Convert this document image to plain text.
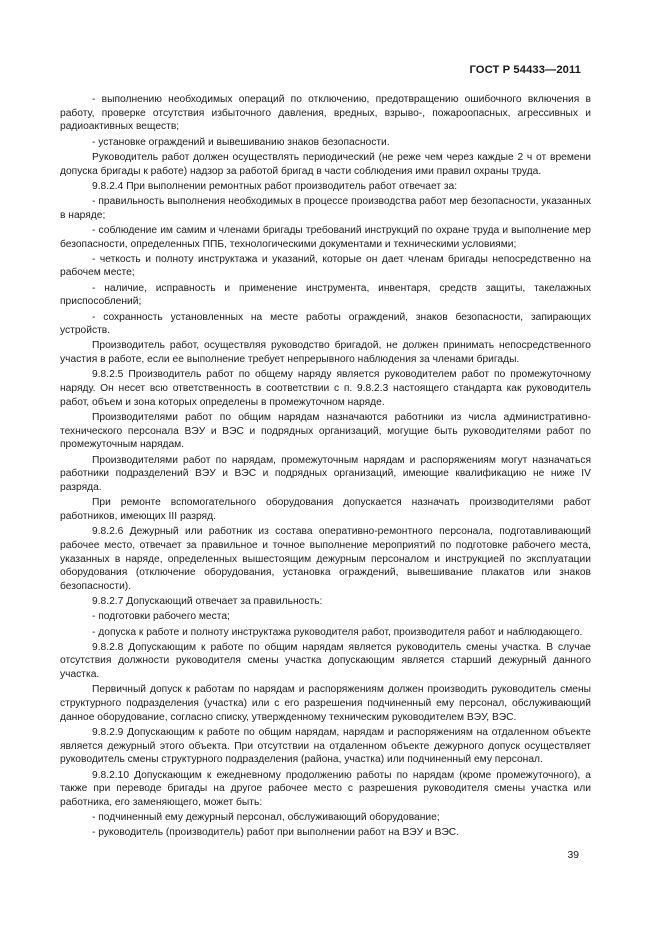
ГОСТ Р 54433—2011

- выполнению необходимых операций по отключению, предотвращению ошибочного включения в работу, проверке отсутствия избыточного давления, вредных, взрыво-, пожароопасных, агрессивных и радиоактивных веществ;

- установке ограждений и вывешиванию знаков безопасности.

Руководитель работ должен осуществлять периодический (не реже чем через каждые 2 ч от времени допуска бригады к работе) надзор за работой бригад в части соблюдения ими правил охраны труда.

9.8.2.4 При выполнении ремонтных работ производитель работ отвечает за:

- правильность выполнения необходимых в процессе производства работ мер безопасности, указанных в наряде;

- соблюдение им самим и членами бригады требований инструкций по охране труда и выполнение мер безопасности, определенных ППБ, технологическими документами и техническими условиями;

- четкость и полноту инструктажа и указаний, которые он дает членам бригады непосредственно на рабочем месте;

- наличие, исправность и применение инструмента, инвентаря, средств защиты, такелажных приспособлений;

- сохранность установленных на месте работы ограждений, знаков безопасности, запирающих устройств.

Производитель работ, осуществляя руководство бригадой, не должен принимать непосредственного участия в работе, если ее выполнение требует непрерывного наблюдения за членами бригады.

9.8.2.5 Производитель работ по общему наряду является руководителем работ по промежуточному наряду. Он несет всю ответственность в соответствии с п. 9.8.2.3 настоящего стандарта как руководитель работ, объем и зона которых определены в промежуточном наряде.

Производителями работ по общим нарядам назначаются работники из числа административно-технического персонала ВЭУ и ВЭС и подрядных организаций, могущие быть руководителями работ по промежуточным нарядам.

Производителями работ по нарядам, промежуточным нарядам и распоряжениям могут назначаться работники подразделений ВЭУ и ВЭС и подрядных организаций, имеющие квалификацию не ниже IV разряда.

При ремонте вспомогательного оборудования допускается назначать производителями работ работников, имеющих III разряд.

9.8.2.6 Дежурный или работник из состава оперативно-ремонтного персонала, подготавливающий рабочее место, отвечает за правильное и точное выполнение мероприятий по подготовке рабочего места, указанных в наряде, определенных вышестоящим дежурным персоналом и инструкцией по эксплуатации оборудования (отключение оборудования, установка ограждений, вывешивание плакатов или знаков безопасности).

9.8.2.7 Допускающий отвечает за правильность:

- подготовки рабочего места;

- допуска к работе и полноту инструктажа руководителя работ, производителя работ и наблюдающего.

9.8.2.8 Допускающим к работе по общим нарядам является руководитель смены участка. В случае отсутствия должности руководителя смены участка допускающим является старший дежурный данного участка.

Первичный допуск к работам по нарядам и распоряжениям должен производить руководитель смены структурного подразделения (участка) или с его разрешения подчиненный ему персонал, обслуживающий данное оборудование, согласно списку, утвержденному техническим руководителем ВЭУ, ВЭС.

9.8.2.9 Допускающим к работе по общим нарядам, нарядам и распоряжениям на отдаленном объекте является дежурный этого объекта. При отсутствии на отдаленном объекте дежурного допуск осуществляет руководитель смены структурного подразделения (района, участка) или подчиненный ему персонал.

9.8.2.10 Допускающим к ежедневному продолжению работы по нарядам (кроме промежуточного), а также при переводе бригады на другое рабочее место с разрешения руководителя смены участка или работника, его заменяющего, может быть:

- подчиненный ему дежурный персонал, обслуживающий оборудование;

- руководитель (производитель) работ при выполнении работ на ВЭУ и ВЭС.

39
